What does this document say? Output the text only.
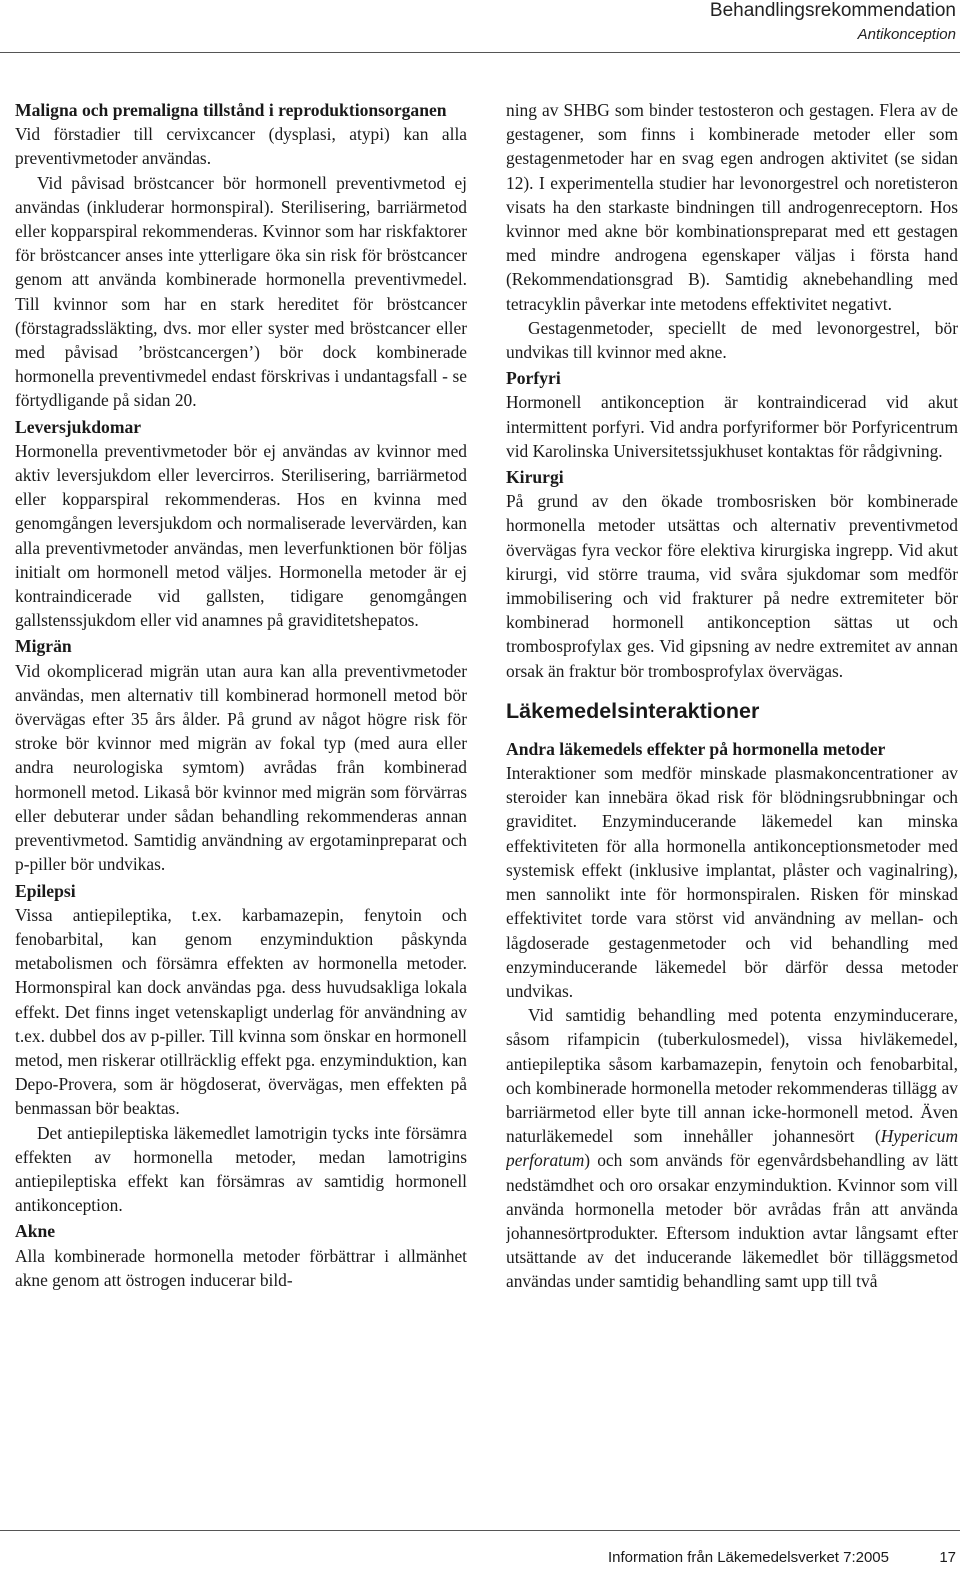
Behandlingsrekommendation
Antikonception
Maligna och premaligna tillstånd i reproduktionsorganen

Vid förstadier till cervixcancer (dysplasi, atypi) kan alla preventivmetoder användas.

Vid påvisad bröstcancer bör hormonell preventivmetod ej användas (inkluderar hormonspiral). Sterilisering, barriärmetod eller kopparspiral rekommenderas. Kvinnor som har riskfaktorer för bröstcancer anses inte ytterligare öka sin risk för bröstcancer genom att använda kombinerade hormonella preventivmedel. Till kvinnor som har en stark hereditet för bröstcancer (förstagradssläkting, dvs. mor eller syster med bröstcancer eller med påvisad ’bröstcancergen’) bör dock kombinerade hormonella preventivmedel endast förskrivas i undantagsfall - se förtydligande på sidan 20.

Leversjukdomar

Hormonella preventivmetoder bör ej användas av kvinnor med aktiv leversjukdom eller levercirros. Sterilisering, barriärmetod eller kopparspiral rekommenderas. Hos en kvinna med genomgången leversjukdom och normaliserade levervärden, kan alla preventivmetoder användas, men leverfunktionen bör följas initialt om hormonell metod väljes. Hormonella metoder är ej kontraindicerade vid gallsten, tidigare genomgången gallstenssjukdom eller vid anamnes på graviditetshepatos.

Migrän

Vid okomplicerad migrän utan aura kan alla preventivmetoder användas, men alternativ till kombinerad hormonell metod bör övervägas efter 35 års ålder. På grund av något högre risk för stroke bör kvinnor med migrän av fokal typ (med aura eller andra neurologiska symtom) avrådas från kombinerad hormonell metod. Likaså bör kvinnor med migrän som förvärras eller debuterar under sådan behandling rekommenderas annan preventivmetod. Samtidig användning av ergotaminpreparat och p-piller bör undvikas.

Epilepsi

Vissa antiepileptika, t.ex. karbamazepin, fenytoin och fenobarbital, kan genom enzyminduktion påskynda metabolismen och försämra effekten av hormonella metoder. Hormonspiral kan dock användas pga. dess huvudsakliga lokala effekt. Det finns inget vetenskapligt underlag för användning av t.ex. dubbel dos av p-piller. Till kvinna som önskar en hormonell metod, men riskerar otillräcklig effekt pga. enzyminduktion, kan Depo-Provera, som är högdoserat, övervägas, men effekten på benmassan bör beaktas.

Det antiepileptiska läkemedlet lamotrigin tycks inte försämra effekten av hormonella metoder, medan lamotrigins antiepileptiska effekt kan försämras av samtidig hormonell antikonception.

Akne

Alla kombinerade hormonella metoder förbättrar i allmänhet akne genom att östrogen inducerar bild-

ning av SHBG som binder testosteron och gestagen. Flera av de gestagener, som finns i kombinerade metoder eller som gestagenmetoder har en svag egen androgen aktivitet (se sidan 12). I experimentella studier har levonorgestrel och noretisteron visats ha den starkaste bindningen till androgenreceptorn. Hos kvinnor med akne bör kombinationspreparat med ett gestagen med mindre androgena egenskaper väljas i första hand (Rekommendationsgrad B). Samtidig aknebehandling med tetracyklin påverkar inte metodens effektivitet negativt.

Gestagenmetoder, speciellt de med levonorgestrel, bör undvikas till kvinnor med akne.

Porfyri

Hormonell antikonception är kontraindicerad vid akut intermittent porfyri. Vid andra porfyriformer bör Porfyricentrum vid Karolinska Universitetssjukhuset kontaktas för rådgivning.

Kirurgi

På grund av den ökade trombosrisken bör kombinerade hormonella metoder utsättas och alternativ preventivmetod övervägas fyra veckor före elektiva kirurgiska ingrepp. Vid akut kirurgi, vid större trauma, vid svåra sjukdomar som medför immobilisering och vid frakturer på nedre extremiteter bör kombinerad hormonell antikonception sättas ut och trombosprofylax ges. Vid gipsning av nedre extremitet av annan orsak än fraktur bör trombosprofylax övervägas.

Läkemedelsinteraktioner
Andra läkemedels effekter på hormonella metoder

Interaktioner som medför minskade plasmakoncentrationer av steroider kan innebära ökad risk för blödningsrubbningar och graviditet. Enzyminducerande läkemedel kan minska effektiviteten för alla hormonella antikonceptionsmetoder med systemisk effekt (inklusive implantat, plåster och vaginalring), men sannolikt inte för hormonspiralen. Risken för minskad effektivitet torde vara störst vid användning av mellan- och lågdoserade gestagenmetoder och vid behandling med enzyminducerande läkemedel bör därför dessa metoder undvikas.

Vid samtidig behandling med potenta enzyminducerare, såsom rifampicin (tuberkulosmedel), vissa hivläkemedel, antiepileptika såsom karbamazepin, fenytoin och fenobarbital, och kombinerade hormonella metoder rekommenderas tillägg av barriärmetod eller byte till annan icke-hormonell metod. Även naturläkemedel som innehåller johannesört (Hypericum perforatum) och som används för egenvårdsbehandling av lätt nedstämdhet och oro orsakar enzyminduktion. Kvinnor som vill använda hormonella metoder bör avrådas från att använda johannesörtprodukter. Eftersom induktion avtar långsamt efter utsättande av det inducerande läkemedlet bör tilläggsmetod användas under samtidig behandling samt upp till två

Information från Läkemedelsverket 7:2005	17
